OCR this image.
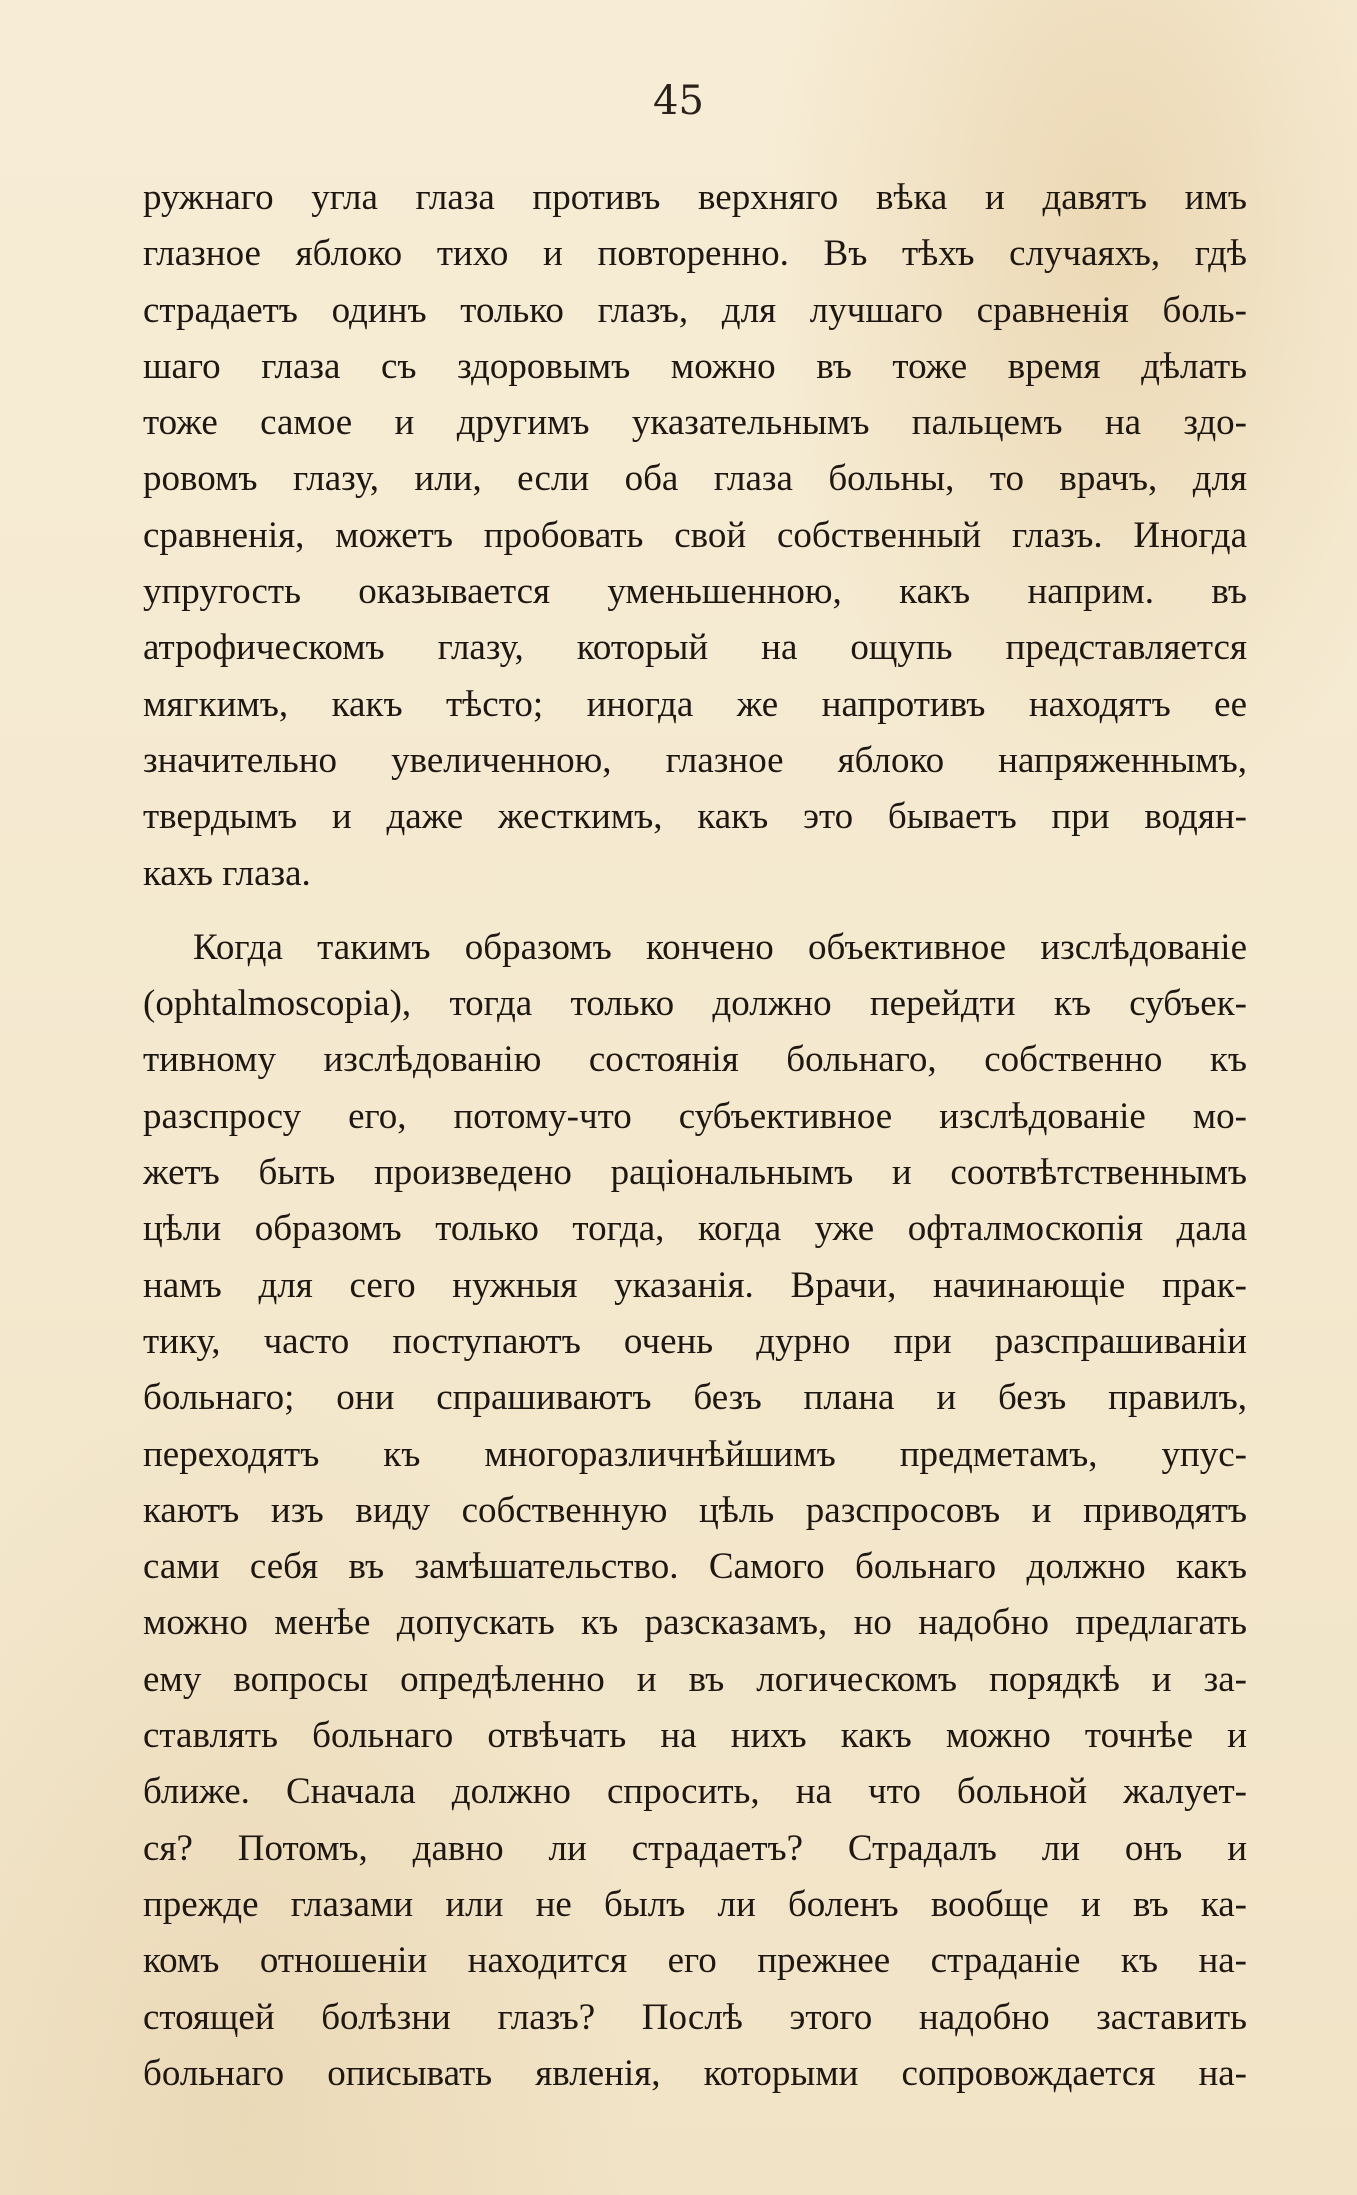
45
ружнаго угла глаза противъ верхняго вѣка и давятъ имъ
глазное яблоко тихо и повторенно. Въ тѣхъ случаяхъ, гдѣ
страдаетъ одинъ только глазъ, для лучшаго сравненія боль-
шаго глаза съ здоровымъ можно въ тоже время дѣлать
тоже самое и другимъ указательнымъ пальцемъ на здо-
ровомъ глазу, или, если оба глаза больны, то врачъ, для
сравненія, можетъ пробовать свой собственный глазъ. Иногда
упругость оказывается уменьшенною, какъ наприм. въ
атрофическомъ глазу, который на ощупь представляется
мягкимъ, какъ тѣсто; иногда же напротивъ находятъ ее
значительно увеличенною, глазное яблоко напряженнымъ,
твердымъ и даже жесткимъ, какъ это бываетъ при водян-
кахъ глаза.
Когда такимъ образомъ кончено объективное изслѣдованіе
(ophtalmoscopia), тогда только должно перейдти къ субъек-
тивному изслѣдованію состоянія больнаго, собственно къ
разспросу его, потому-что субъективное изслѣдованіе мо-
жетъ быть произведено раціональнымъ и соотвѣтственнымъ
цѣли образомъ только тогда, когда уже офталмоскопія дала
намъ для сего нужныя указанія. Врачи, начинающіе прак-
тику, часто поступаютъ очень дурно при разспрашиваніи
больнаго; они спрашиваютъ безъ плана и безъ правилъ,
переходятъ къ многоразличнѣйшимъ предметамъ, упус-
каютъ изъ виду собственную цѣль разспросовъ и приводятъ
сами себя въ замѣшательство. Самого больнаго должно какъ
можно менѣе допускать къ разсказамъ, но надобно предлагать
ему вопросы опредѣленно и въ логическомъ порядкѣ и за-
ставлять больнаго отвѣчать на нихъ какъ можно точнѣе и
ближе. Сначала должно спросить, на что больной жалует-
ся? Потомъ, давно ли страдаетъ? Страдалъ ли онъ и
прежде глазами или не былъ ли боленъ вообще и въ ка-
комъ отношеніи находится его прежнее страданіе къ на-
стоящей болѣзни глазъ? Послѣ этого надобно заставить
больнаго описывать явленія, которыми сопровождается на-
